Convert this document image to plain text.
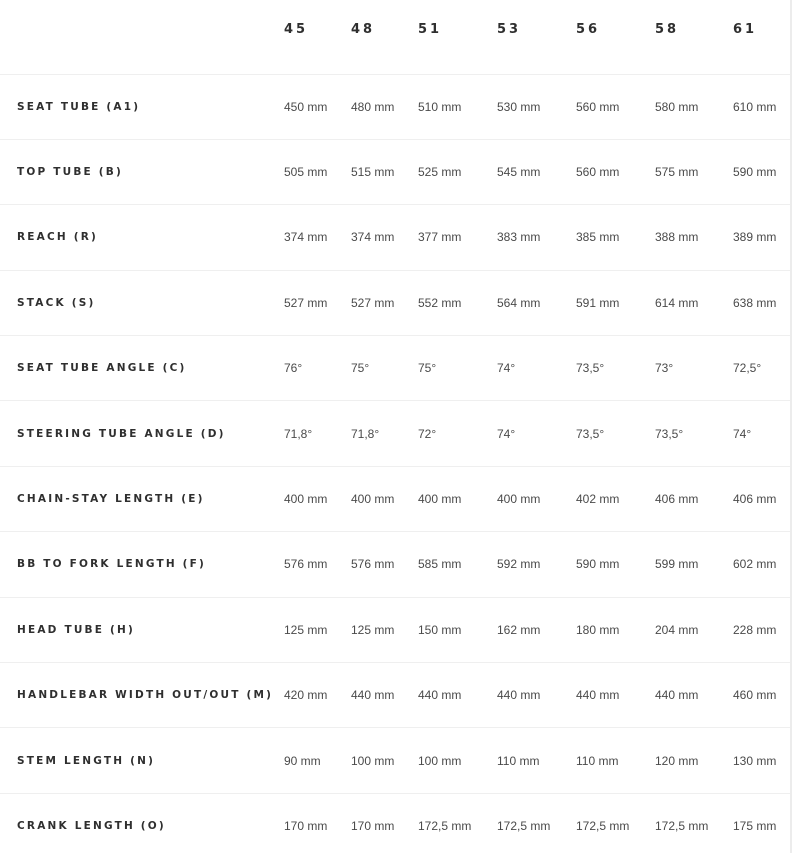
	45	48	51	53	56	58	61
SEAT TUBE (A1)	450 mm	480 mm	510 mm	530 mm	560 mm	580 mm	610 mm
TOP TUBE (B)	505 mm	515 mm	525 mm	545 mm	560 mm	575 mm	590 mm
REACH (R)	374 mm	374 mm	377 mm	383 mm	385 mm	388 mm	389 mm
STACK (S)	527 mm	527 mm	552 mm	564 mm	591 mm	614 mm	638 mm
SEAT TUBE ANGLE (C)	76°	75°	75°	74°	73,5°	73°	72,5°
STEERING TUBE ANGLE (D)	71,8°	71,8°	72°	74°	73,5°	73,5°	74°
CHAIN-STAY LENGTH (E)	400 mm	400 mm	400 mm	400 mm	402 mm	406 mm	406 mm
BB TO FORK LENGTH (F)	576 mm	576 mm	585 mm	592 mm	590 mm	599 mm	602 mm
HEAD TUBE (H)	125 mm	125 mm	150 mm	162 mm	180 mm	204 mm	228 mm
HANDLEBAR WIDTH OUT/OUT (M)	420 mm	440 mm	440 mm	440 mm	440 mm	440 mm	460 mm
STEM LENGTH (N)	90 mm	100 mm	100 mm	110 mm	110 mm	120 mm	130 mm
CRANK LENGTH (O)	170 mm	170 mm	172,5 mm	172,5 mm	172,5 mm	172,5 mm	175 mm
